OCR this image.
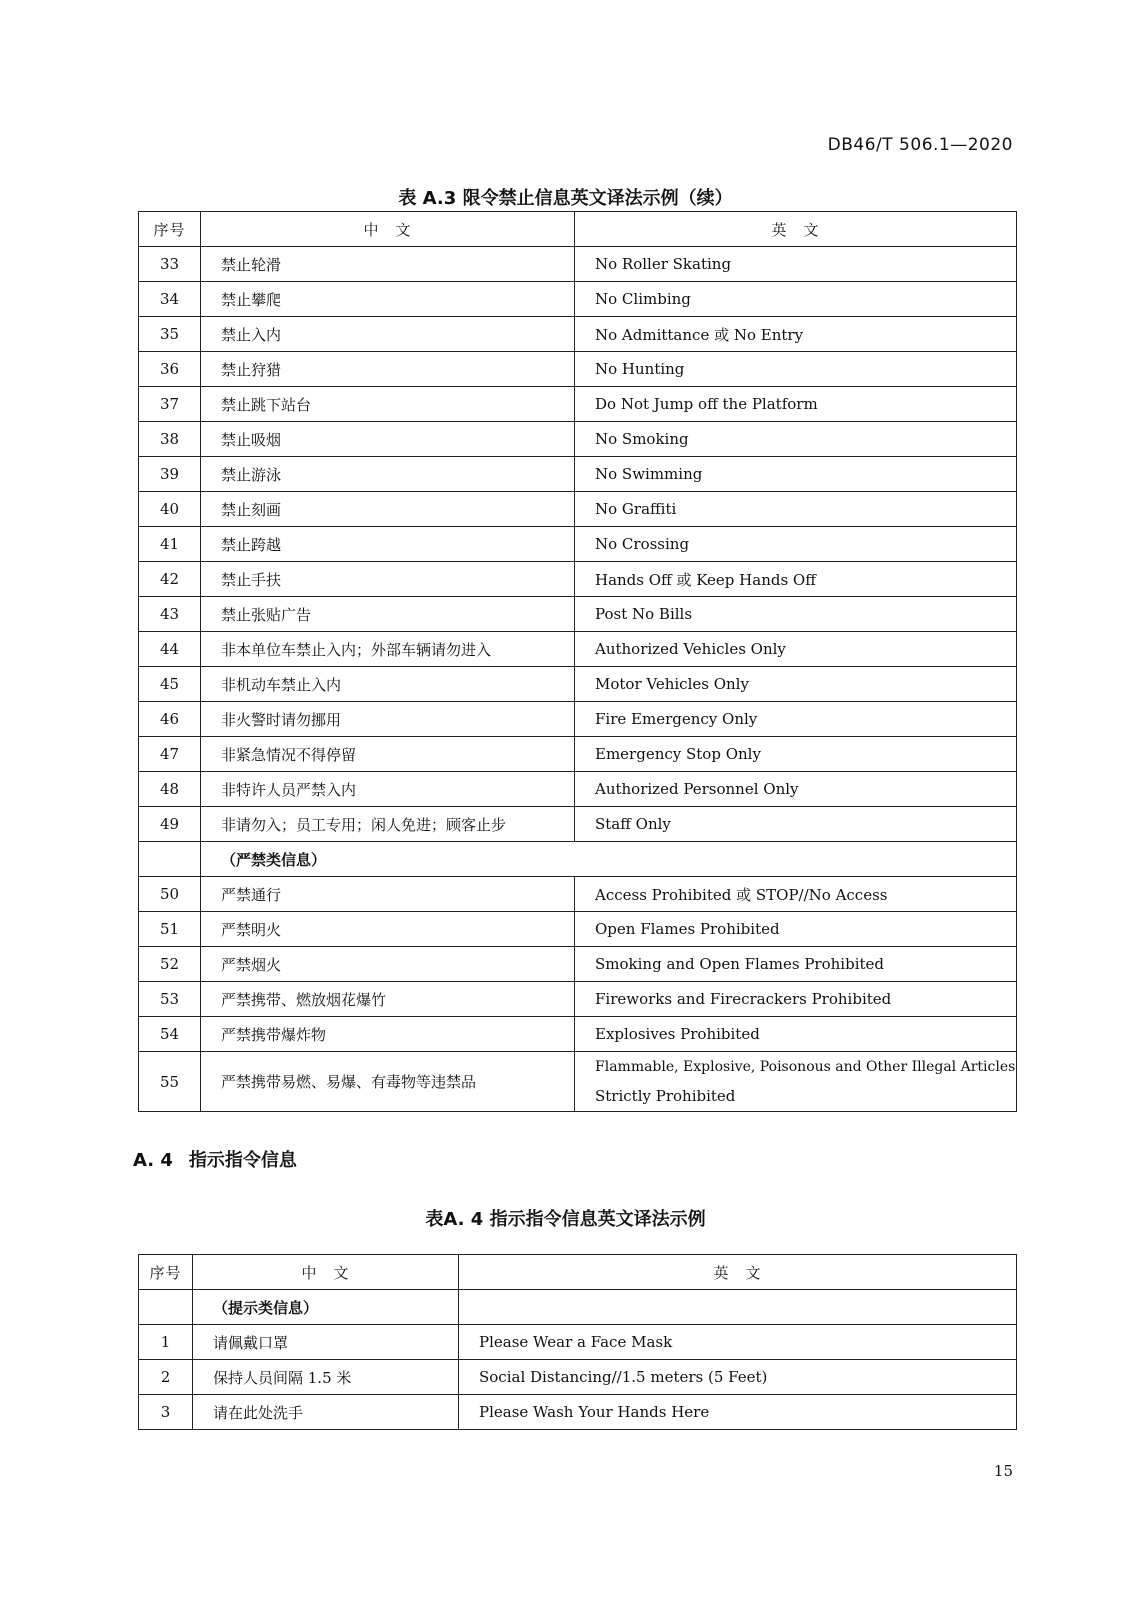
DB46/T 506.1—2020
表 A.3 限令禁止信息英文译法示例（续）
序号	中　文	英　文
33	禁止轮滑	No Roller Skating
34	禁止攀爬	No Climbing
35	禁止入内	No Admittance 或 No Entry
36	禁止狩猎	No Hunting
37	禁止跳下站台	Do Not Jump off the Platform
38	禁止吸烟	No Smoking
39	禁止游泳	No Swimming
40	禁止刻画	No Graffiti
41	禁止跨越	No Crossing
42	禁止手扶	Hands Off 或 Keep Hands Off
43	禁止张贴广告	Post No Bills
44	非本单位车禁止入内；外部车辆请勿进入	Authorized Vehicles Only
45	非机动车禁止入内	Motor Vehicles Only
46	非火警时请勿挪用	Fire Emergency Only
47	非紧急情况不得停留	Emergency Stop Only
48	非特许人员严禁入内	Authorized Personnel Only
49	非请勿入；员工专用；闲人免进；顾客止步	Staff Only
	（严禁类信息）	
50	严禁通行	Access Prohibited 或 STOP//No Access
51	严禁明火	Open Flames Prohibited
52	严禁烟火	Smoking and Open Flames Prohibited
53	严禁携带、燃放烟花爆竹	Fireworks and Firecrackers Prohibited
54	严禁携带爆炸物	Explosives Prohibited
55	严禁携带易燃、易爆、有毒物等违禁品	Flammable, Explosive, Poisonous and Other Illegal Articles
Strictly Prohibited
A. 4 指示指令信息
表A. 4 指示指令信息英文译法示例
序号	中　文	英　文
	（提示类信息）	
1	请佩戴口罩	Please Wear a Face Mask
2	保持人员间隔 1.5 米	Social Distancing//1.5 meters (5 Feet)
3	请在此处洗手	Please Wash Your Hands Here
15
